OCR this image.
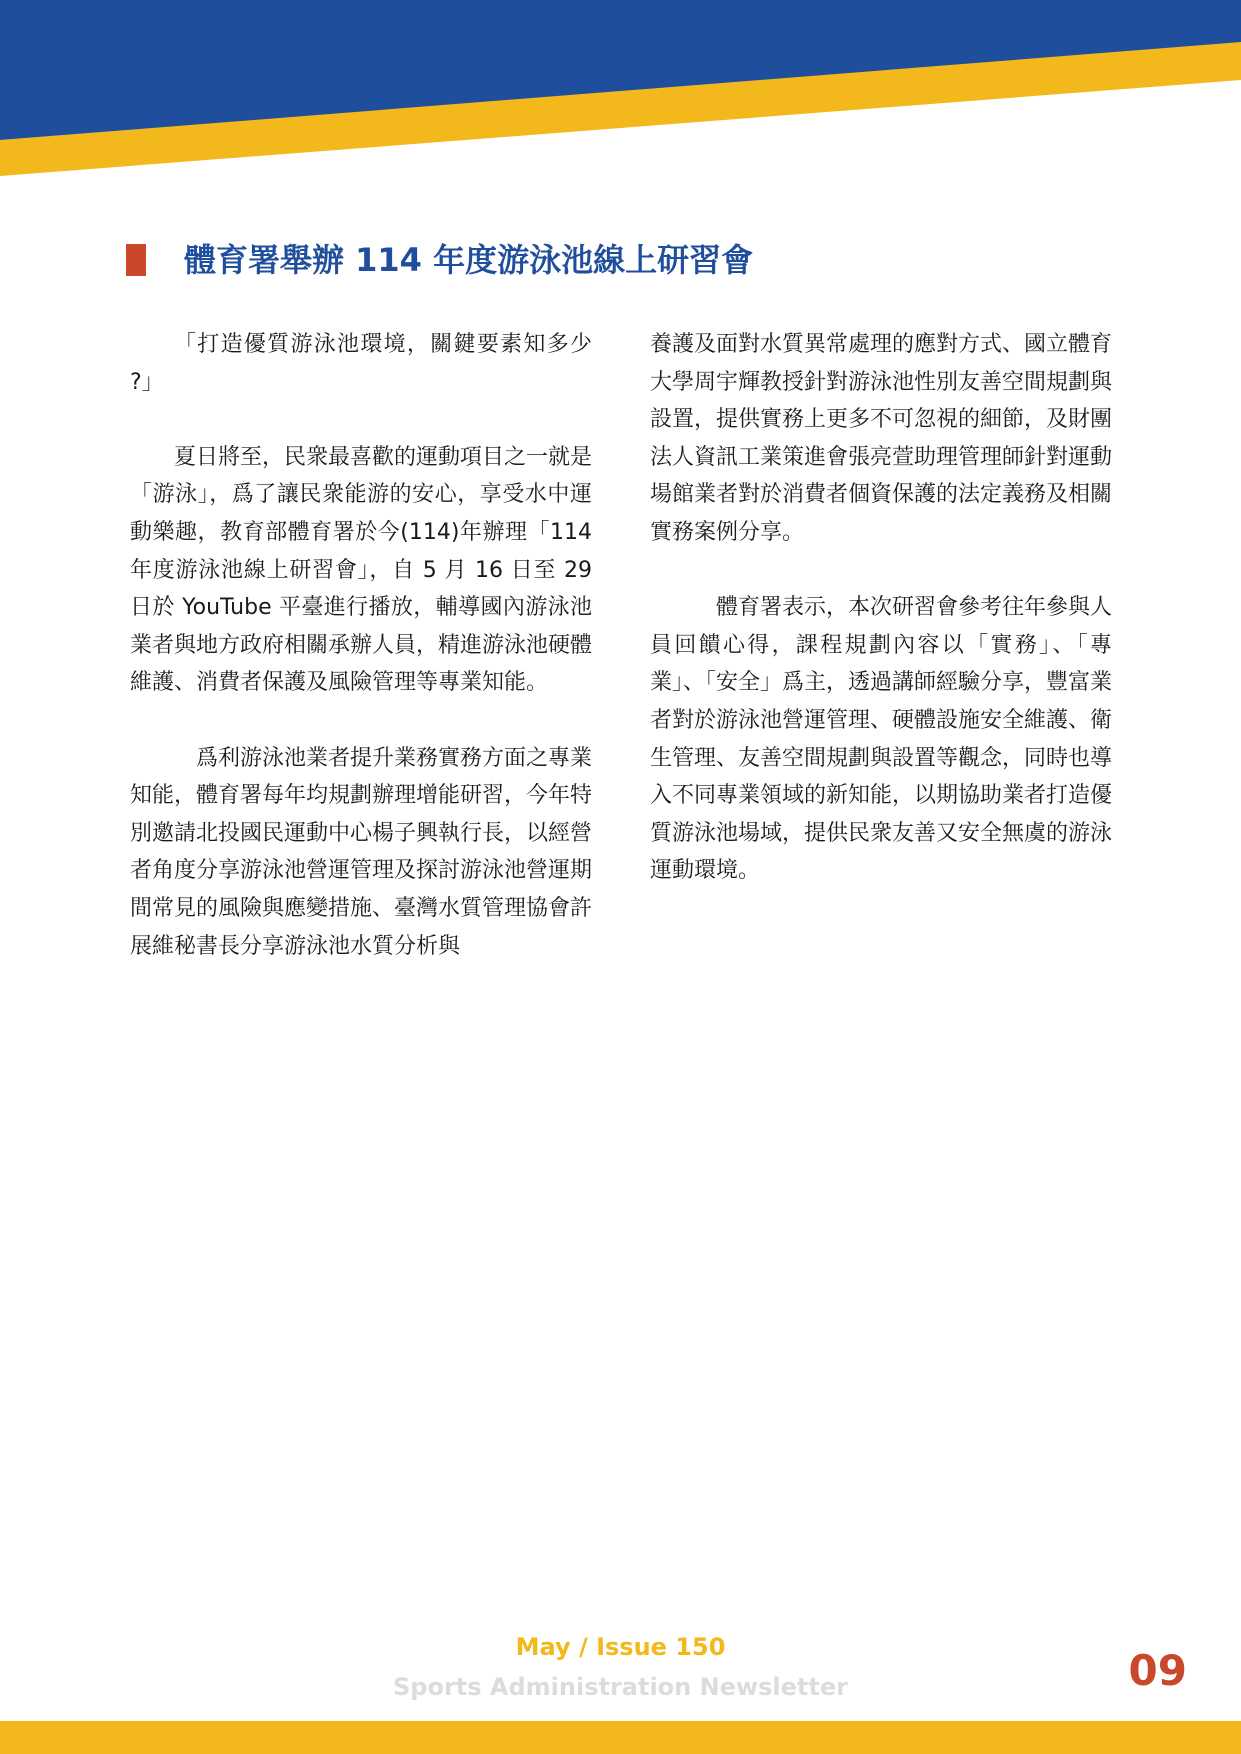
體育署舉辦 114 年度游泳池線上研習會

「打造優質游泳池環境，關鍵要素知多少 ?」

夏日將至，民衆最喜歡的運動項目之一就是「游泳」，爲了讓民衆能游的安心，享受水中運動樂趣，教育部體育署於今(114)年辦理「114 年度游泳池線上研習會」，自 5 月 16 日至 29 日於 YouTube 平臺進行播放，輔導國內游泳池業者與地方政府相關承辦人員，精進游泳池硬體維護、消費者保護及風險管理等專業知能。

爲利游泳池業者提升業務實務方面之專業知能，體育署每年均規劃辦理增能研習，今年特別邀請北投國民運動中心楊子興執行長，以經營者角度分享游泳池營運管理及探討游泳池營運期間常見的風險與應變措施、臺灣水質管理協會許展維秘書長分享游泳池水質分析與

養護及面對水質異常處理的應對方式、國立體育大學周宇輝教授針對游泳池性別友善空間規劃與設置，提供實務上更多不可忽視的細節，及財團法人資訊工業策進會張亮萱助理管理師針對運動場館業者對於消費者個資保護的法定義務及相關實務案例分享。

體育署表示，本次研習會參考往年參與人員回饋心得，課程規劃內容以「實務」、「專業」、「安全」爲主，透過講師經驗分享，豐富業者對於游泳池營運管理、硬體設施安全維護、衛生管理、友善空間規劃與設置等觀念，同時也導入不同專業領域的新知能，以期協助業者打造優質游泳池場域，提供民衆友善又安全無虞的游泳運動環境。

May / Issue 150
Sports Administration Newsletter	09
